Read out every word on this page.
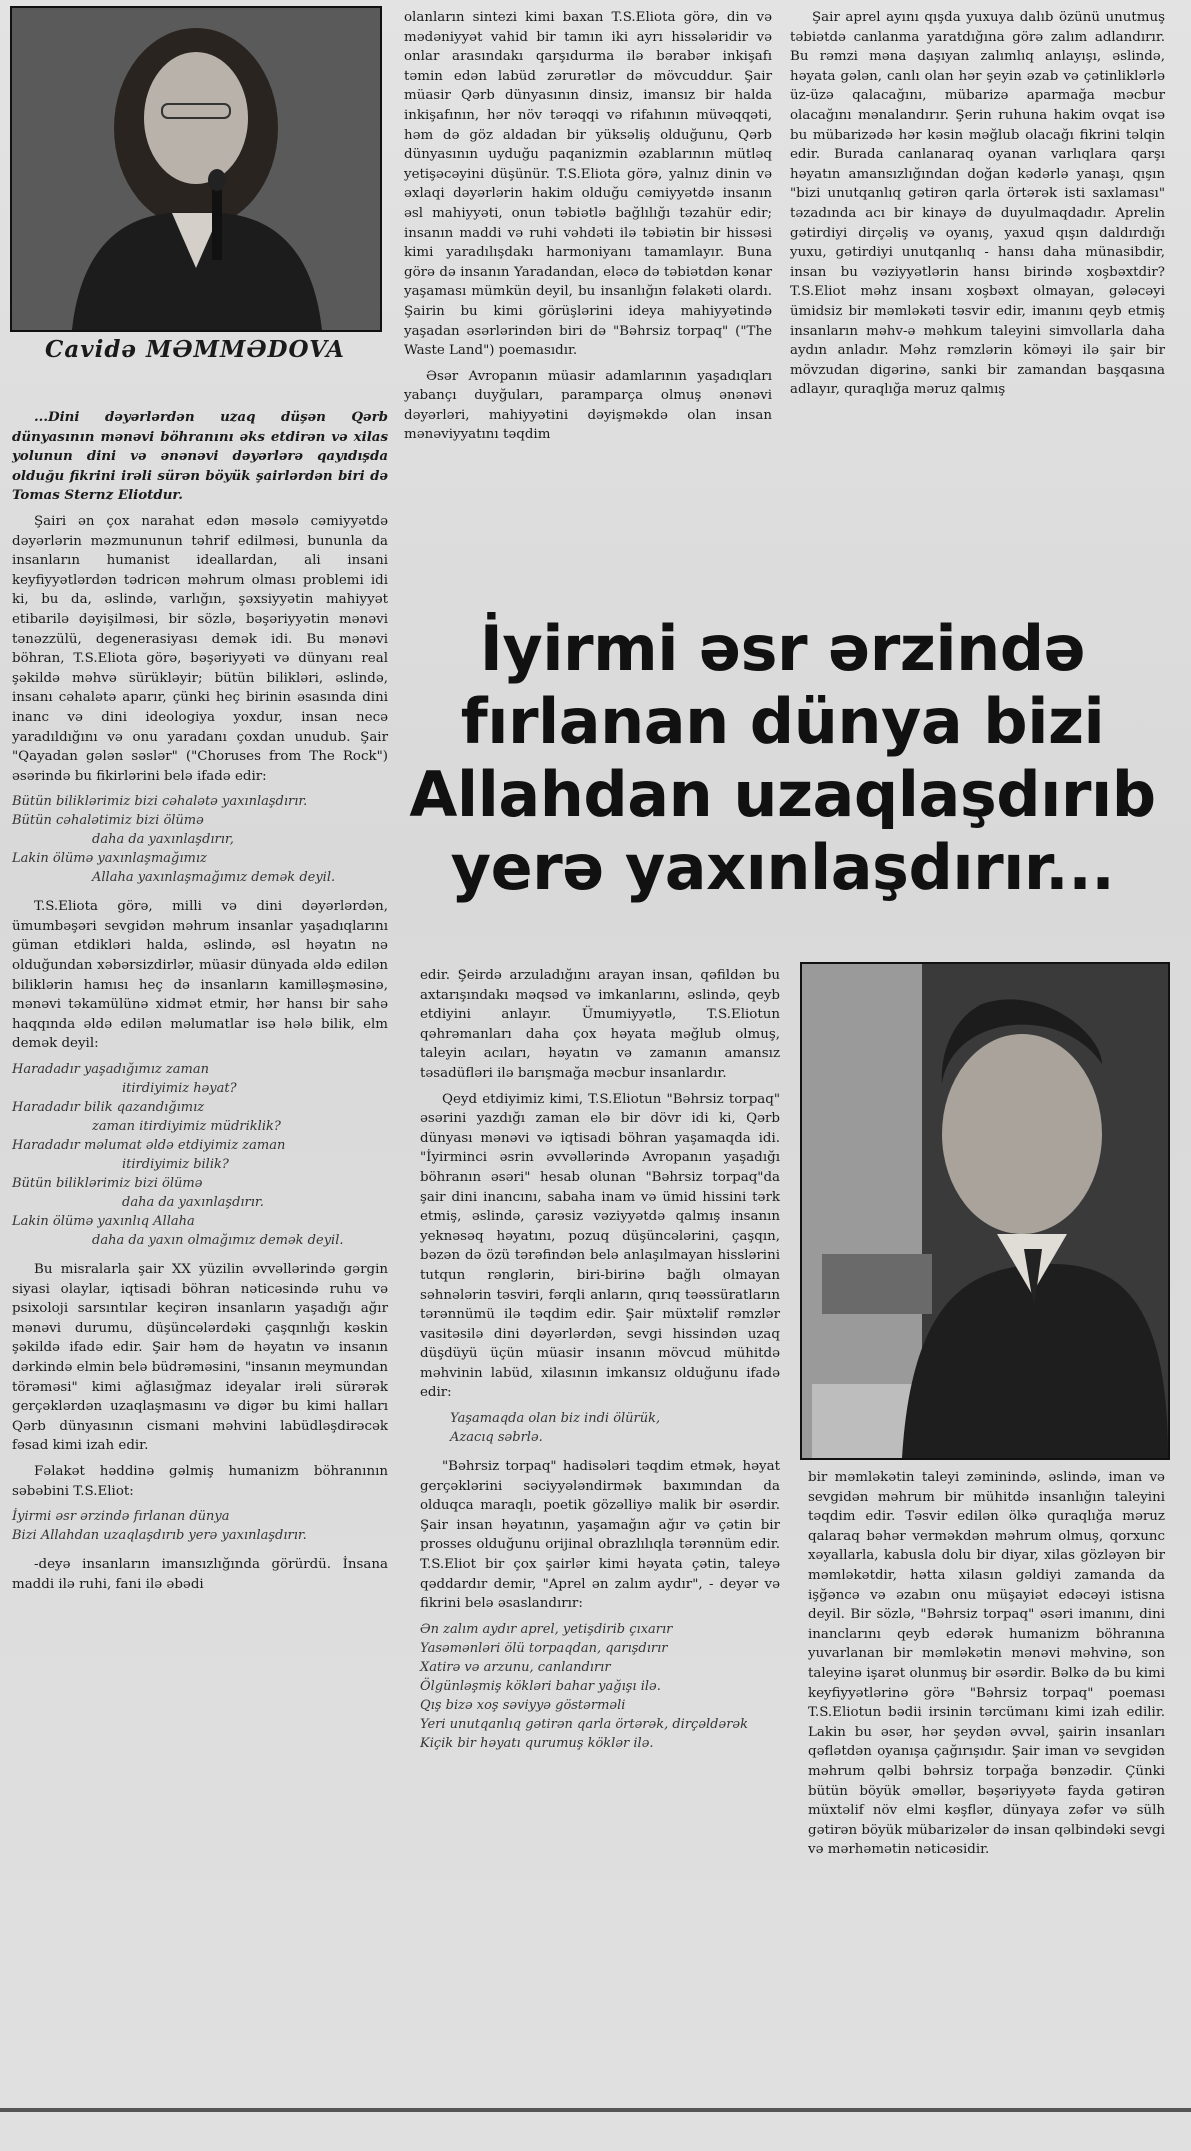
Cavidə MƏMMƏDOVA

...Dini dəyərlərdən uzaq düşən Qərb dünyasının mənəvi böhranını əks etdirən və xilas yolunun dini və ənənəvi dəyərlərə qayıdışda olduğu fikrini irəli sürən böyük şairlərdən biri də Tomas Sternz Eliotdur.

Şairi ən çox narahat edən məsələ cəmiyyətdə dəyərlərin məzmununun təhrif edilməsi, bununla da insanların humanist ideallardan, ali insani keyfiyyətlərdən tədricən məhrum olması problemi idi ki, bu da, əslində, varlığın, şəxsiyyətin mahiyyət etibarilə dəyişilməsi, bir sözlə, bəşəriyyətin mənəvi tənəzzülü, degenerasiyası demək idi. Bu mənəvi böhran, T.S.Eliota görə, bəşəriyyəti və dünyanı real şəkildə məhvə sürükləyir; bütün bilikləri, əslində, insanı cəhalətə aparır, çünki heç birinin əsasında dini inanc və dini ideologiya yoxdur, insan necə yaradıldığını və onu yaradanı çoxdan unudub. Şair "Qayadan gələn səslər" ("Choruses from The Rock") əsərində bu fikirlərini belə ifadə edir:

Bütün biliklərimiz bizi cəhalətə yaxınlaşdırır.
Bütün cəhalətimiz bizi ölümə
daha da yaxınlaşdırır,
Lakin ölümə yaxınlaşmağımız
Allaha yaxınlaşmağımız demək deyil.

T.S.Eliota görə, milli və dini dəyərlərdən, ümumbəşəri sevgidən məhrum insanlar yaşadıqlarını güman etdikləri halda, əslində, əsl həyatın nə olduğundan xəbərsizdirlər, müasir dünyada əldə edilən biliklərin hamısı heç də insanların kamilləşməsinə, mənəvi təkamülünə xidmət etmir, hər hansı bir sahə haqqında əldə edilən məlumatlar isə hələ bilik, elm demək deyil:

Haradadır yaşadığımız zaman
itirdiyimiz həyat?
Haradadır bilik qazandığımız
zaman itirdiyimiz müdriklik?
Haradadır məlumat əldə etdiyimiz zaman
itirdiyimiz bilik?
Bütün biliklərimiz bizi ölümə
daha da yaxınlaşdırır.
Lakin ölümə yaxınlıq Allaha
daha da yaxın olmağımız demək deyil.

Bu misralarla şair XX yüzilin əvvəllərində gərgin siyasi olaylar, iqtisadi böhran nəticəsində ruhu və psixoloji sarsıntılar keçirən insanların yaşadığı ağır mənəvi durumu, düşüncələrdəki çaşqınlığı kəskin şəkildə ifadə edir. Şair həm də həyatın və insanın dərkində elmin belə büdrəməsini, "insanın meymundan törəməsi" kimi ağlasığmaz ideyalar irəli sürərək gerçəklərdən uzaqlaşmasını və digər bu kimi halları Qərb dünyasının cismani məhvini labüdləşdirəcək fəsad kimi izah edir.

Fəlakət həddinə gəlmiş humanizm böhranının səbəbini T.S.Eliot:

İyirmi əsr ərzində fırlanan dünya
Bizi Allahdan uzaqlaşdırıb yerə yaxınlaşdırır.

-deyə insanların imansızlığında görürdü. İnsana maddi ilə ruhi, fani ilə əbədi

olanların sintezi kimi baxan T.S.Eliota görə, din və mədəniyyət vahid bir tamın iki ayrı hissələridir və onlar arasındakı qarşıdurma ilə bərabər inkişafı təmin edən labüd zərurətlər də mövcuddur. Şair müasir Qərb dünyasının dinsiz, imansız bir halda inkişafının, hər növ tərəqqi və rifahının müvəqqəti, həm də göz aldadan bir yüksəliş olduğunu, Qərb dünyasının uyduğu paqanizmin əzablarının mütləq yetişəcəyini düşünür. T.S.Eliota görə, yalnız dinin və əxlaqi dəyərlərin hakim olduğu cəmiyyətdə insanın əsl mahiyyəti, onun təbiətlə bağlılığı təzahür edir; insanın maddi və ruhi vəhdəti ilə təbiətin bir hissəsi kimi yaradılışdakı harmoniyanı tamamlayır. Buna görə də insanın Yaradandan, eləcə də təbiətdən kənar yaşaması mümkün deyil, bu insanlığın fəlakəti olardı. Şairin bu kimi görüşlərini ideya mahiyyətində yaşadan əsərlərindən biri də "Bəhrsiz torpaq" ("The Waste Land") poemasıdır.

Əsər Avropanın müasir adamlarının yaşadıqları yabançı duyğuları, paramparça olmuş ənənəvi dəyərləri, mahiyyətini dəyişməkdə olan insan mənəviyyatını təqdim

Şair aprel ayını qışda yuxuya dalıb özünü unutmuş təbiətdə canlanma yaratdığına görə zalım adlandırır. Bu rəmzi məna daşıyan zalımlıq anlayışı, əslində, həyata gələn, canlı olan hər şeyin əzab və çətinliklərlə üz-üzə qalacağını, mübarizə aparmağa məcbur olacağını mənalandırır. Şerin ruhuna hakim ovqat isə bu mübarizədə hər kəsin məğlub olacağı fikrini təlqin edir. Burada canlanaraq oyanan varlıqlara qarşı həyatın amansızlığından doğan kədərlə yanaşı, qışın "bizi unutqanlıq gətirən qarla örtərək isti saxlaması" təzadında acı bir kinayə də duyulmaqdadır. Aprelin gətirdiyi dirçəliş və oyanış, yaxud qışın daldırdığı yuxu, gətirdiyi unutqanlıq - hansı daha münasibdir, insan bu vəziyyətlərin hansı birində xoşbəxtdir? T.S.Eliot məhz insanı xoşbəxt olmayan, gələcəyi ümidsiz bir məmləkəti təsvir edir, imanını qeyb etmiş insanların məhv-ə məhkum taleyini simvollarla daha aydın anladır. Məhz rəmzlərin köməyi ilə şair bir mövzudan digərinə, sanki bir zamandan başqasına adlayır, quraqlığa məruz qalmış

İyirmi əsr ərzində
fırlanan dünya bizi
Allahdan uzaqlaşdırıb
yerə yaxınlaşdırır...

edir. Şeirdə arzuladığını arayan insan, qəfildən bu axtarışındakı məqsəd və imkanlarını, əslində, qeyb etdiyini anlayır. Ümumiyyətlə, T.S.Eliotun qəhrəmanları daha çox həyata məğlub olmuş, taleyin acıları, həyatın və zamanın amansız təsadüfləri ilə barışmağa məcbur insanlardır.

Qeyd etdiyimiz kimi, T.S.Eliotun "Bəhrsiz torpaq" əsərini yazdığı zaman elə bir dövr idi ki, Qərb dünyası mənəvi və iqtisadi böhran yaşamaqda idi. "İyirminci əsrin əvvəllərində Avropanın yaşadığı böhranın əsəri" hesab olunan "Bəhrsiz torpaq"da şair dini inancını, sabaha inam və ümid hissini tərk etmiş, əslində, çarəsiz vəziyyətdə qalmış insanın yeknəsəq həyatını, pozuq düşüncələrini, çaşqın, bəzən də özü tərəfindən belə anlaşılmayan hisslərini tutqun rənglərin, biri-birinə bağlı olmayan səhnələrin təsviri, fərqli anların, qırıq təəssüratların tərənnümü ilə təqdim edir. Şair müxtəlif rəmzlər vasitəsilə dini dəyərlərdən, sevgi hissindən uzaq düşdüyü üçün müasir insanın mövcud mühitdə məhvinin labüd, xilasının imkansız olduğunu ifadə edir:

Yaşamaqda olan biz indi ölürük,
Azacıq səbrlə.

"Bəhrsiz torpaq" hadisələri təqdim etmək, həyat gerçəklərini səciyyələndirmək baxımından da olduqca maraqlı, poetik gözəlliyə malik bir əsərdir. Şair insan həyatının, yaşamağın ağır və çətin bir prosses olduğunu orijinal obrazlılıqla tərənnüm edir. T.S.Eliot bir çox şairlər kimi həyata çətin, taleyə qəddardır demir, "Aprel ən zalım aydır", - deyər və fikrini belə əsaslandırır:

Ən zalım aydır aprel, yetişdirib çıxarır
Yasəmənləri ölü torpaqdan, qarışdırır
Xatirə və arzunu, canlandırır
Ölgünləşmiş kökləri bahar yağışı ilə.
Qış bizə xoş səviyyə göstərməli
Yeri unutqanlıq gətirən qarla örtərək, dirçəldərək
Kiçik bir həyatı qurumuş köklər ilə.

bir məmləkətin taleyi zəminində, əslində, iman və sevgidən məhrum bir mühitdə insanlığın taleyini təqdim edir. Təsvir edilən ölkə quraqlığa məruz qalaraq bəhər verməkdən məhrum olmuş, qorxunc xəyallarla, kabusla dolu bir diyar, xilas gözləyən bir məmləkətdir, hətta xilasın gəldiyi zamanda da işğəncə və əzabın onu müşayiət edəcəyi istisna deyil. Bir sözlə, "Bəhrsiz torpaq" əsəri imanını, dini inanclarını qeyb edərək humanizm böhranına yuvarlanan bir məmləkətin mənəvi məhvinə, son taleyinə işarət olunmuş bir əsərdir. Bəlkə də bu kimi keyfiyyətlərinə görə "Bəhrsiz torpaq" poeması T.S.Eliotun bədii irsinin tərcümanı kimi izah edilir. Lakin bu əsər, hər şeydən əvvəl, şairin insanları qəflətdən oyanışa çağırışıdır. Şair iman və sevgidən məhrum qəlbi bəhrsiz torpağa bənzədir. Çünki bütün böyük əməllər, bəşəriyyətə fayda gətirən müxtəlif növ elmi kəşflər, dünyaya zəfər və sülh gətirən böyük mübarizələr də insan qəlbindəki sevgi və mərhəmətin nəticəsidir.
